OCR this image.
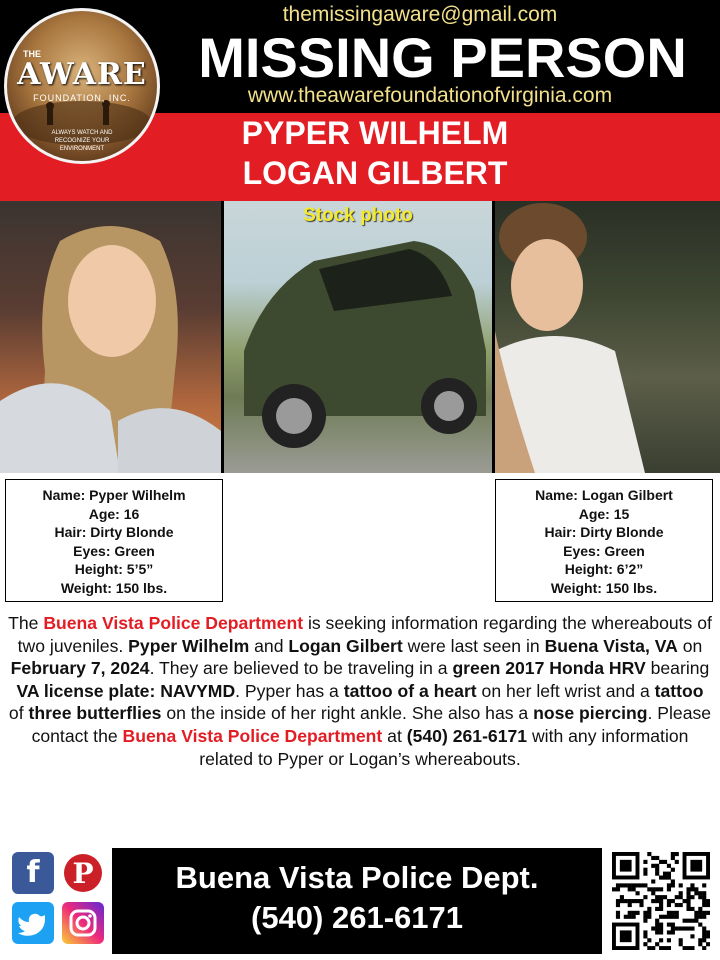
themissingaware@gmail.com
MISSING PERSON
www.theawarefoundationofvirginia.com
THE
AWARE
FOUNDATION, INC.
ALWAYS WATCH AND RECOGNIZE YOUR ENVIRONMENT	PYPER WILHELM
LOGAN GILBERT
Stock photo
Name: Pyper Wilhelm
Age: 16
Hair: Dirty Blonde
Eyes: Green
Height: 5’5”
Weight: 150 lbs.
Name: Logan Gilbert
Age: 15
Hair: Dirty Blonde
Eyes: Green
Height: 6’2”
Weight: 150 lbs.
The Buena Vista Police Department is seeking information regarding the whereabouts of two juveniles. Pyper Wilhelm and Logan Gilbert were last seen in Buena Vista, VA on February 7, 2024. They are believed to be traveling in a green 2017 Honda HRV bearing VA license plate: NAVYMD. Pyper has a tattoo of a heart on her left wrist and a tattoo of three butterflies on the inside of her right ankle. She also has a nose piercing. Please contact the Buena Vista Police Department at (540) 261-6171 with any information related to Pyper or Logan’s whereabouts.
f	P	Buena Vista Police Dept.
(540) 261-6171
